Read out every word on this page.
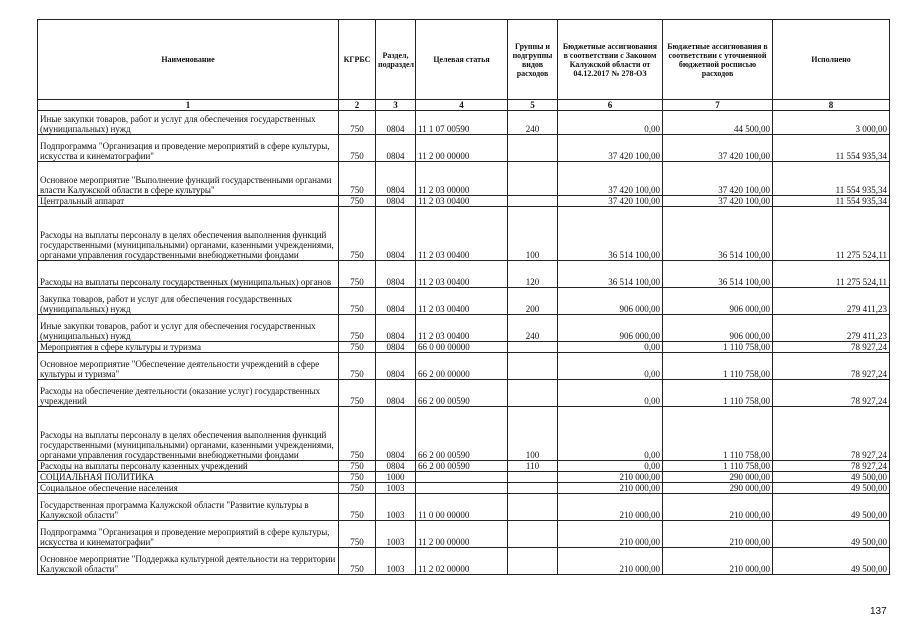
Наименование	КГРБС	Раздел, подраздел	Целевая статья	Группы и подгруппы видов расходов	Бюджетные ассигнования в соответствии с Законом Калужской области от 04.12.2017 № 278-ОЗ	Бюджетные ассигнования в соответствии с уточненной бюджетной росписью расходов	Исполнено
1	2	3	4	5	6	7	8
Иные закупки товаров, работ и услуг для обеспечения государственных (муниципальных) нужд	750	0804	11 1 07 00590	240	0,00	44 500,00	3 000,00
Подпрограмма "Организация и проведение мероприятий в сфере культуры, искусства и кинематографии"	750	0804	11 2 00 00000		37 420 100,00	37 420 100,00	11 554 935,34
Основное мероприятие "Выполнение функций государственными органами власти Калужской области в сфере культуры"	750	0804	11 2 03 00000		37 420 100,00	37 420 100,00	11 554 935,34
Центральный аппарат	750	0804	11 2 03 00400		37 420 100,00	37 420 100,00	11 554 935,34
Расходы на выплаты персоналу в целях обеспечения выполнения функций государственными (муниципальными) органами, казенными учреждениями, органами управления государственными внебюджетными фондами	750	0804	11 2 03 00400	100	36 514 100,00	36 514 100,00	11 275 524,11
Расходы на выплаты персоналу государственных (муниципальных) органов	750	0804	11 2 03 00400	120	36 514 100,00	36 514 100,00	11 275 524,11
Закупка товаров, работ и услуг для обеспечения государственных (муниципальных) нужд	750	0804	11 2 03 00400	200	906 000,00	906 000,00	279 411,23
Иные закупки товаров, работ и услуг для обеспечения государственных (муниципальных) нужд	750	0804	11 2 03 00400	240	906 000,00	906 000,00	279 411,23
Мероприятия в сфере культуры и туризма	750	0804	66 0 00 00000		0,00	1 110 758,00	78 927,24
Основное мероприятие "Обеспечение деятельности учреждений в сфере культуры и туризма"	750	0804	66 2 00 00000		0,00	1 110 758,00	78 927,24
Расходы на обеспечение деятельности (оказание услуг) государственных учреждений	750	0804	66 2 00 00590		0,00	1 110 758,00	78 927,24
Расходы на выплаты персоналу в целях обеспечения выполнения функций государственными (муниципальными) органами, казенными учреждениями, органами управления государственными внебюджетными фондами	750	0804	66 2 00 00590	100	0,00	1 110 758,00	78 927,24
Расходы на выплаты персоналу казенных учреждений	750	0804	66 2 00 00590	110	0,00	1 110 758,00	78 927,24
СОЦИАЛЬНАЯ ПОЛИТИКА	750	1000			210 000,00	290 000,00	49 500,00
Социальное обеспечение населения	750	1003			210 000,00	290 000,00	49 500,00
Государственная программа Калужской области "Развитие культуры в Калужской области"	750	1003	11 0 00 00000		210 000,00	210 000,00	49 500,00
Подпрограмма "Организация и проведение мероприятий в сфере культуры, искусства и кинематографии"	750	1003	11 2 00 00000		210 000,00	210 000,00	49 500,00
Основное мероприятие "Поддержка культурной деятельности на территории Калужской области"	750	1003	11 2 02 00000		210 000,00	210 000,00	49 500,00
137
